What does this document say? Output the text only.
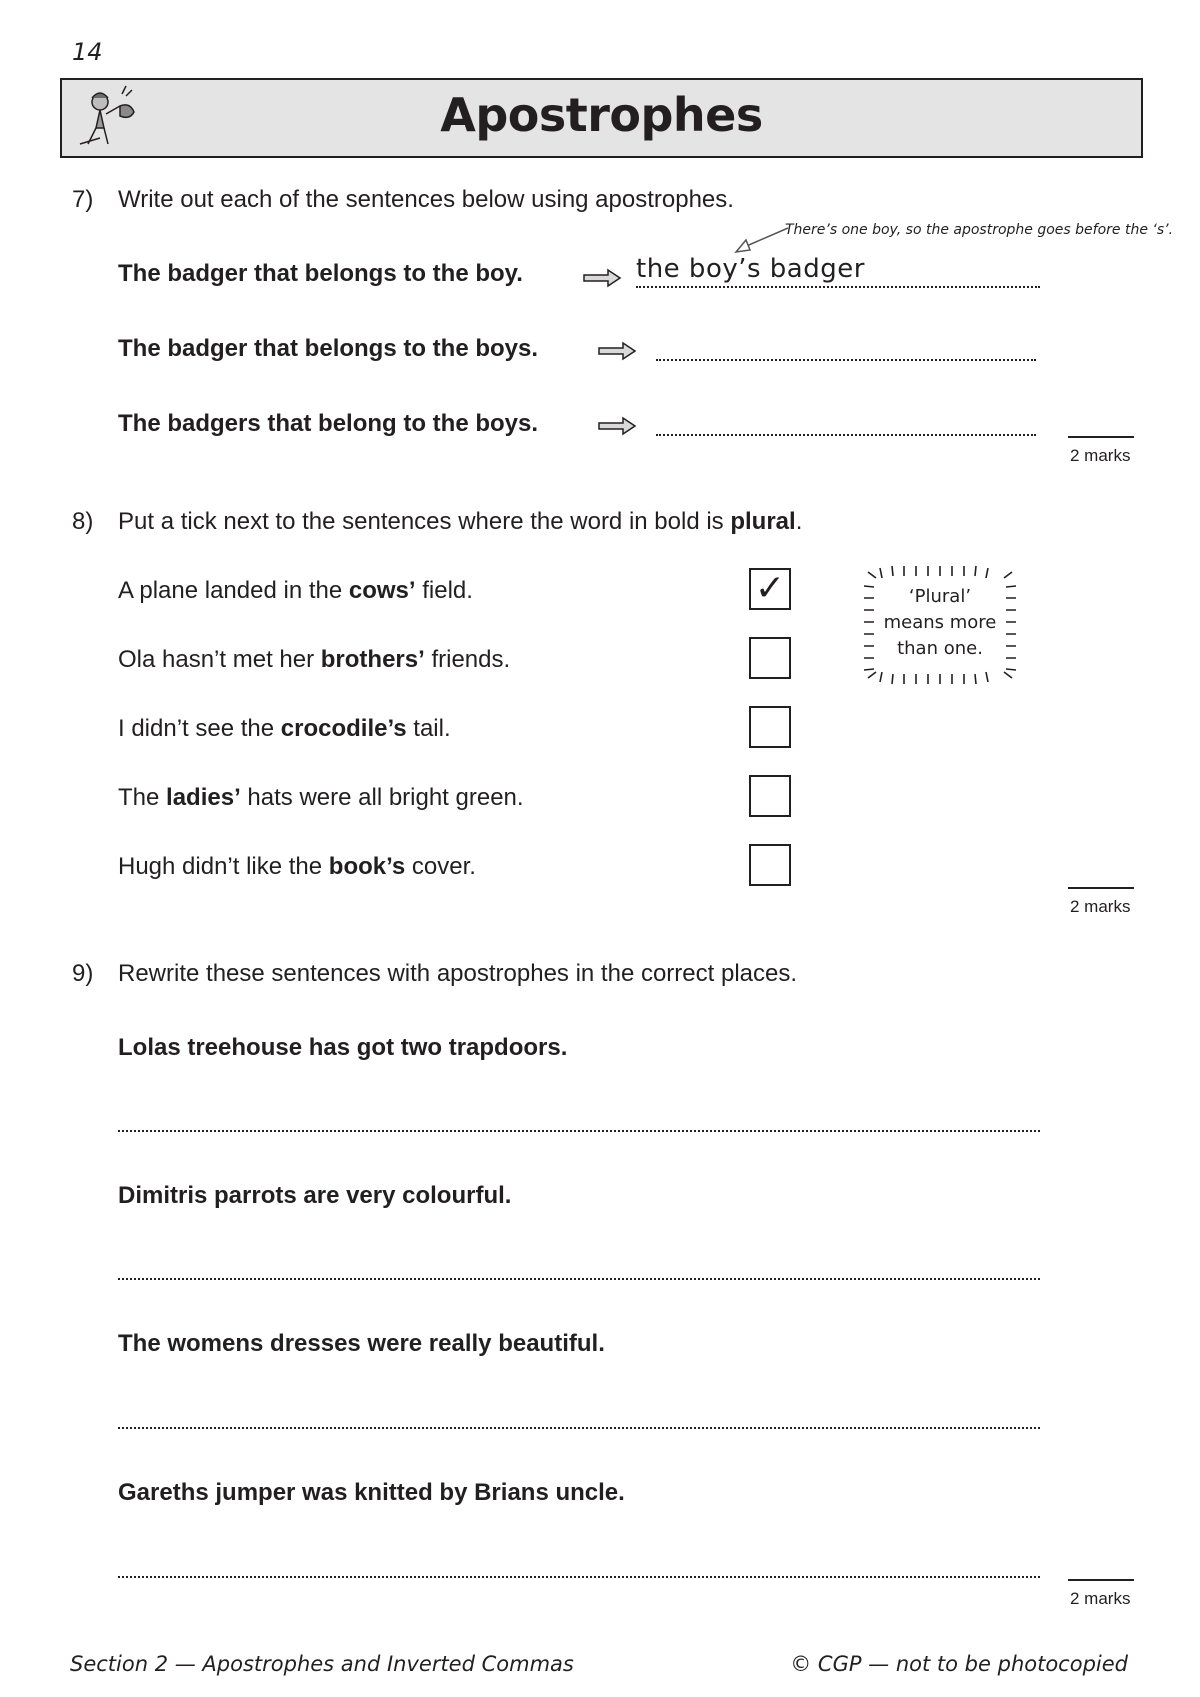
14
Apostrophes
7) Write out each of the sentences below using apostrophes.
There’s one boy, so the apostrophe goes before the ‘s’.
The badger that belongs to the boy.	the boy’s badger
The badger that belongs to the boys.
The badgers that belong to the boys.
2 marks
8) Put a tick next to the sentences where the word in bold is plural.
A plane landed in the cows’ field.
Ola hasn’t met her brothers’ friends.
I didn’t see the crocodile’s tail.
The ladies’ hats were all bright green.
Hugh didn’t like the book’s cover.
✓	‘Plural’
means more
than one.
2 marks
9) Rewrite these sentences with apostrophes in the correct places.
Lolas treehouse has got two trapdoors.
Dimitris parrots are very colourful.
The womens dresses were really beautiful.
Gareths jumper was knitted by Brians uncle.
2 marks
Section 2 — Apostrophes and Inverted Commas	© CGP — not to be photocopied
